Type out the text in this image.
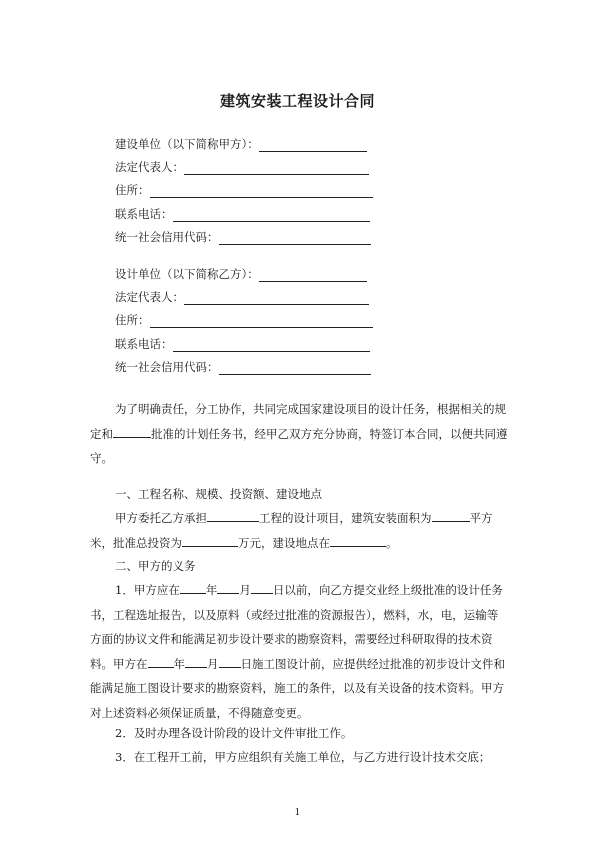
建筑安装工程设计合同
建设单位（以下简称甲方）：
法定代表人：
住所：
联系电话：
统一社会信用代码：
设计单位（以下简称乙方）：
法定代表人：
住所：
联系电话：
统一社会信用代码：
为了明确责任，分工协作，共同完成国家建设项目的设计任务，根据相关的规定和	批准的计划任务书，经甲乙双方充分协商，特签订本合同，以便共同遵守。
一、工程名称、规模、投资额、建设地点
甲方委托乙方承担	工程的设计项目，建筑安装面积为	平方米，批准总投资为	万元，建设地点在	。
二、甲方的义务
1．甲方应在 年 月 日以前，向乙方提交业经上级批准的设计任务书，工程选址报告，以及原料（或经过批准的资源报告），燃料，水，电，运输等方面的协议文件和能满足初步设计要求的勘察资料，需要经过科研取得的技术资料。甲方在 年 月 日施工图设计前，应提供经过批准的初步设计文件和能满足施工图设计要求的勘察资料，施工的条件，以及有关设备的技术资料。甲方对上述资料必须保证质量，不得随意变更。
2．及时办理各设计阶段的设计文件审批工作。
3．在工程开工前，甲方应组织有关施工单位，与乙方进行设计技术交底；
1
